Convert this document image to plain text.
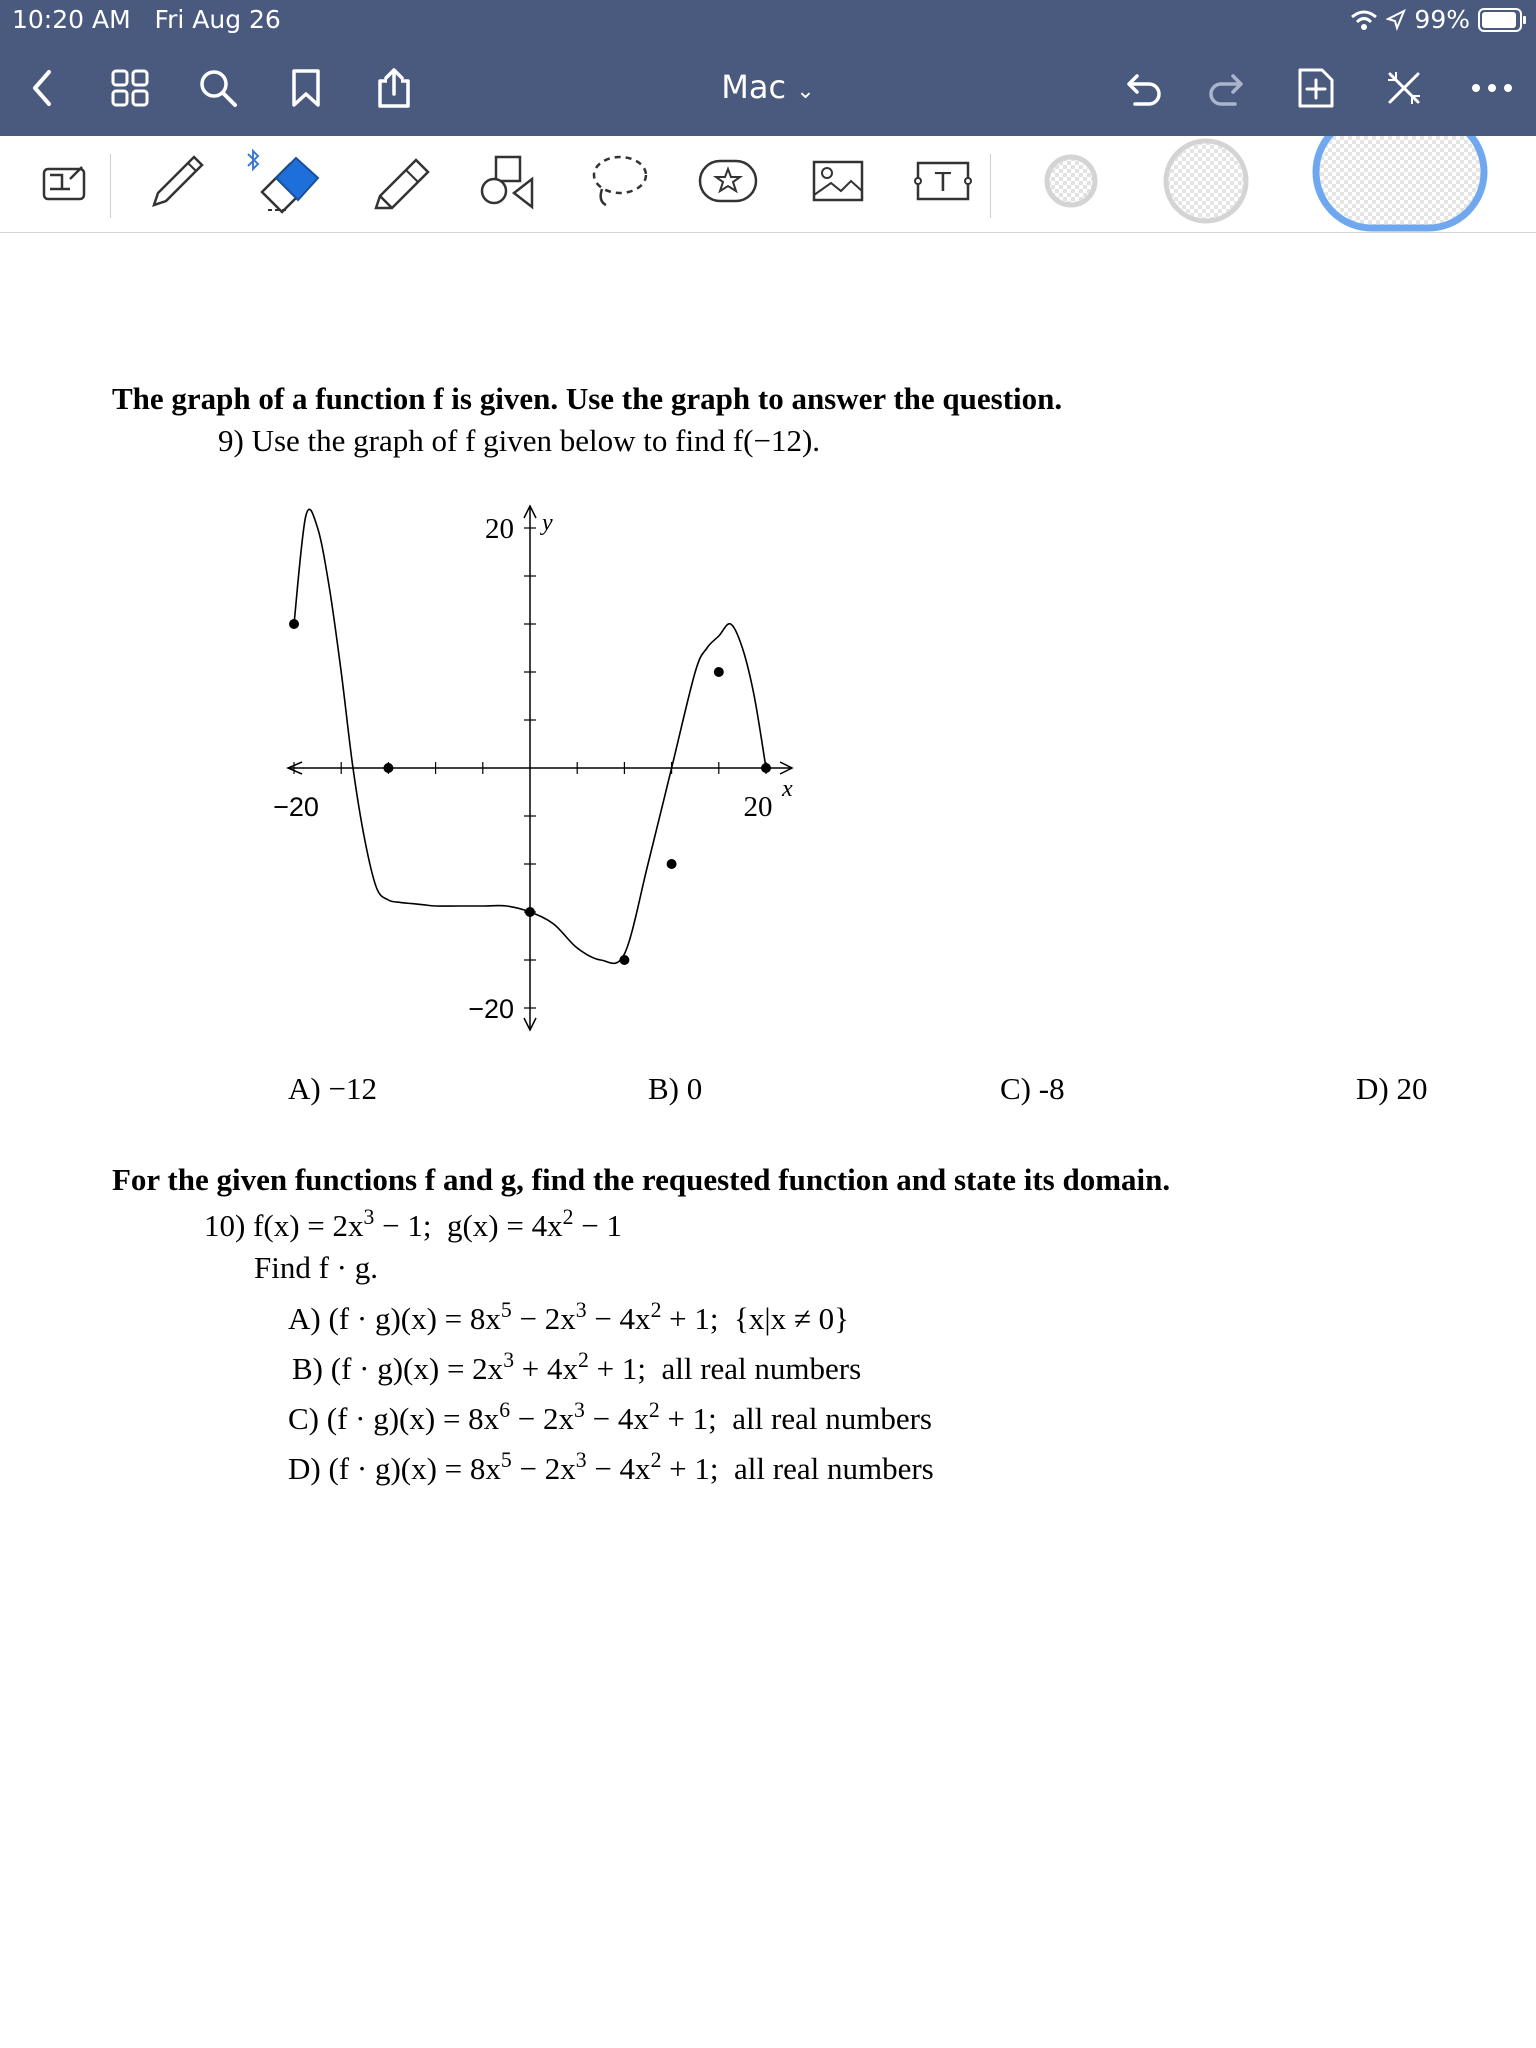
10:20 AM Fri Aug 26	99%
Mac ⌄
T
The graph of a function f is given. Use the graph to answer the question.
9) Use the graph of f given below to find f(−12).
−20	20
20
−20
y
x
A) −12	B) 0	C) -8	D) 20
For the given functions f and g, find the requested function and state its domain.
10) $f(x) = 2x^3 - 1$; $g(x) = 4x^2 - 1$
Find f · g.
A) $(f \cdot g)(x) = 8x^5 - 2x^3 - 4x^2 + 1$; {x|x ≠ 0}
B) $(f \cdot g)(x) = 2x^3 + 4x^2 + 1$; all real numbers
C) $(f \cdot g)(x) = 8x^6 - 2x^3 - 4x^2 + 1$; all real numbers
D) $(f \cdot g)(x) = 8x^5 - 2x^3 - 4x^2 + 1$; all real numbers
